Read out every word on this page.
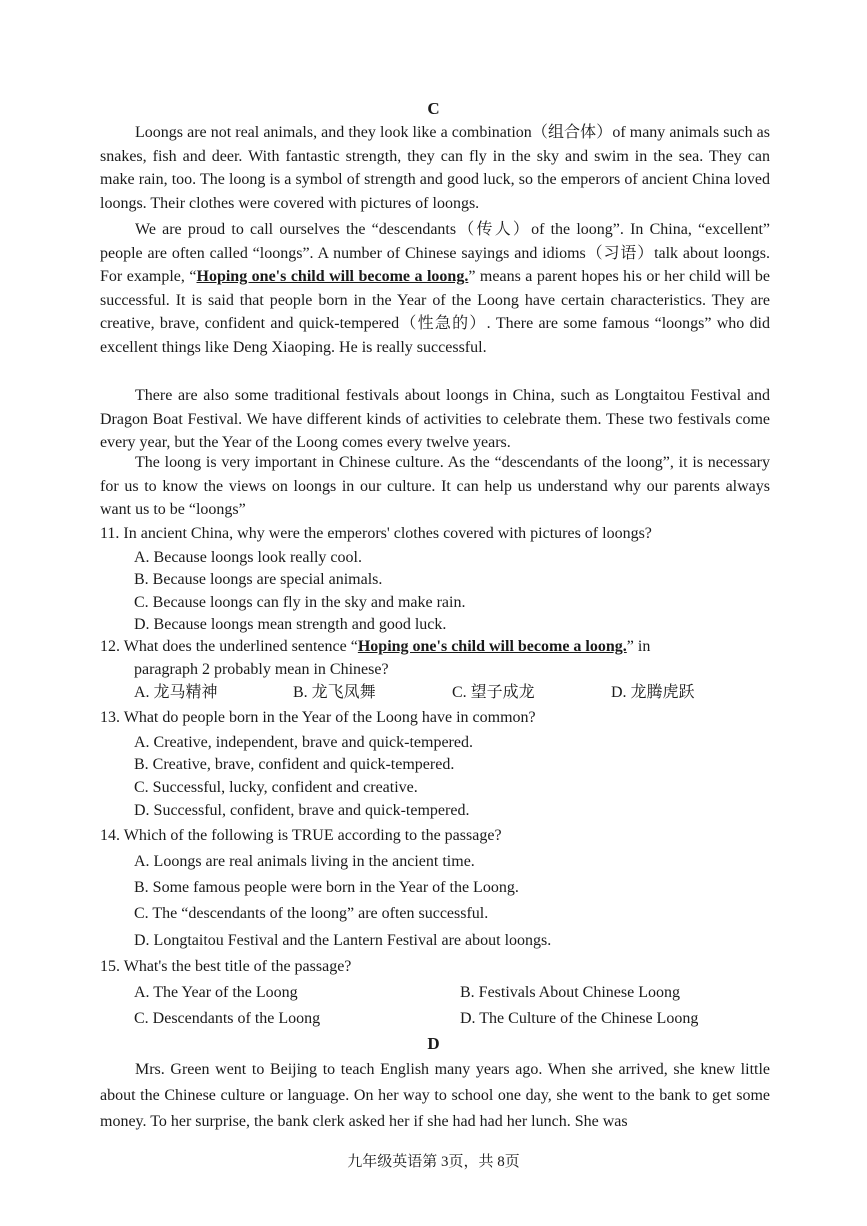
C

Loongs are not real animals, and they look like a combination（组合体）of many animals such as snakes, fish and deer. With fantastic strength, they can fly in the sky and swim in the sea. They can make rain, too. The loong is a symbol of strength and good luck, so the emperors of ancient China loved loongs. Their clothes were covered with pictures of loongs.

We are proud to call ourselves the “descendants（传人）of the loong”. In China, “excellent” people are often called “loongs”. A number of Chinese sayings and idioms（习语）talk about loongs. For example, “Hoping one's child will become a loong.” means a parent hopes his or her child will be successful. It is said that people born in the Year of the Loong have certain characteristics. They are creative, brave, confident and quick-tempered（性急的）. There are some famous “loongs” who did excellent things like Deng Xiaoping. He is really successful.

There are also some traditional festivals about loongs in China, such as Longtaitou Festival and Dragon Boat Festival. We have different kinds of activities to celebrate them. These two festivals come every year, but the Year of the Loong comes every twelve years.

The loong is very important in Chinese culture. As the “descendants of the loong”, it is necessary for us to know the views on loongs in our culture. It can help us understand why our parents always want us to be “loongs”

11. In ancient China, why were the emperors' clothes covered with pictures of loongs?

A. Because loongs look really cool.

B. Because loongs are special animals.

C. Because loongs can fly in the sky and make rain.

D. Because loongs mean strength and good luck.

12. What does the underlined sentence “Hoping one's child will become a loong.” in

paragraph 2 probably mean in Chinese?

A. 龙马精神	B. 龙飞凤舞	C. 望子成龙	D. 龙腾虎跃

13. What do people born in the Year of the Loong have in common?

A. Creative, independent, brave and quick-tempered.

B. Creative, brave, confident and quick-tempered.

C. Successful, lucky, confident and creative.

D. Successful, confident, brave and quick-tempered.

14. Which of the following is TRUE according to the passage?

A. Loongs are real animals living in the ancient time.

B. Some famous people were born in the Year of the Loong.

C. The “descendants of the loong” are often successful.

D. Longtaitou Festival and the Lantern Festival are about loongs.

15. What's the best title of the passage?

A. The Year of the Loong	B. Festivals About Chinese Loong

C. Descendants of the Loong	D. The Culture of the Chinese Loong

D

Mrs. Green went to Beijing to teach English many years ago. When she arrived, she knew little about the Chinese culture or language. On her way to school one day, she went to the bank to get some money. To her surprise, the bank clerk asked her if she had had her lunch. She was

九年级英语第 3页，共 8页
